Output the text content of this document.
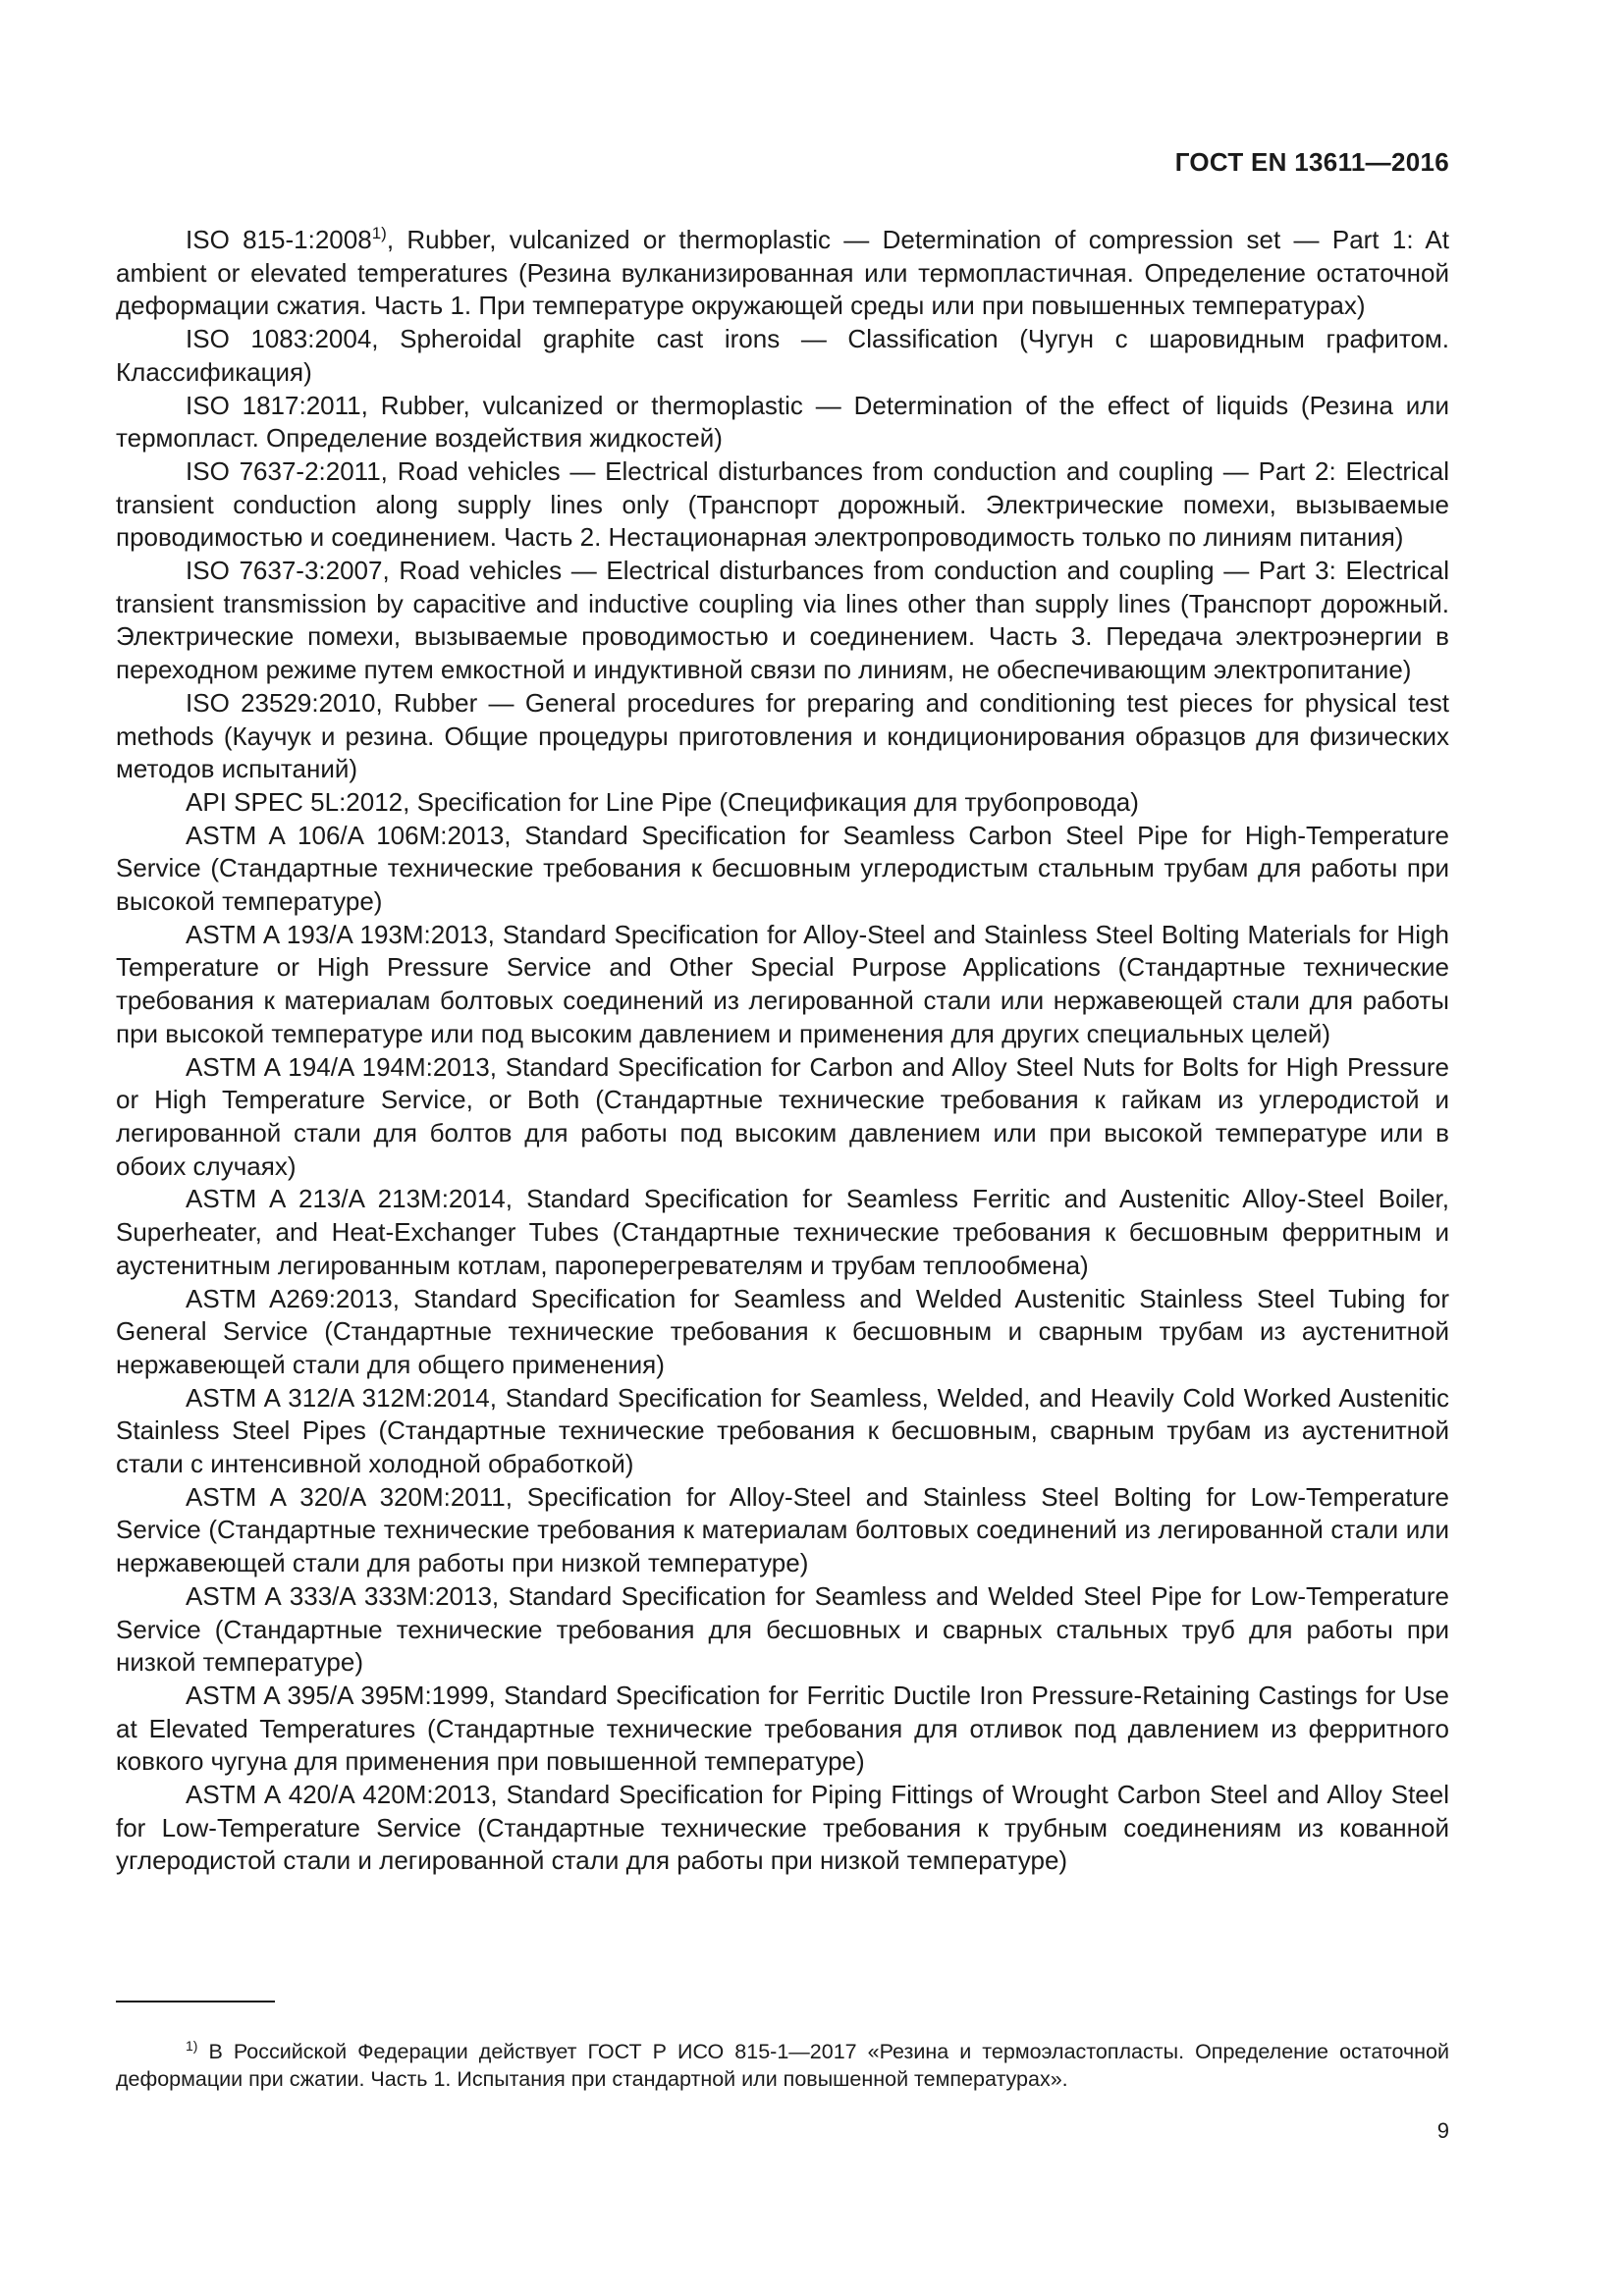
ГОСТ EN 13611—2016

ISO 815-1:2008$^{1)}$, Rubber, vulcanized or thermoplastic — Determination of compression set — Part 1: At ambient or elevated temperatures (Резина вулканизированная или термопластичная. Определение остаточной деформации сжатия. Часть 1. При температуре окружающей среды или при повышенных температурах)

ISO 1083:2004, Spheroidal graphite cast irons — Classification (Чугун с шаровидным графитом. Классификация)

ISO 1817:2011, Rubber, vulcanized or thermoplastic — Determination of the effect of liquids (Резина или термопласт. Определение воздействия жидкостей)

ISO 7637-2:2011, Road vehicles — Electrical disturbances from conduction and coupling — Part 2: Electrical transient conduction along supply lines only (Транспорт дорожный. Электрические помехи, вызываемые проводимостью и соединением. Часть 2. Нестационарная электропроводимость только по линиям питания)

ISO 7637-3:2007, Road vehicles — Electrical disturbances from conduction and coupling — Part 3: Electrical transient transmission by capacitive and inductive coupling via lines other than supply lines (Транспорт дорожный. Электрические помехи, вызываемые проводимостью и соединением. Часть 3. Передача электроэнергии в переходном режиме путем емкостной и индуктивной связи по линиям, не обеспечивающим электропитание)

ISO 23529:2010, Rubber — General procedures for preparing and conditioning test pieces for physical test methods (Каучук и резина. Общие процедуры приготовления и кондиционирования образцов для физических методов испытаний)

API SPEC 5L:2012, Specification for Line Pipe (Спецификация для трубопровода)

ASTM A 106/A 106M:2013, Standard Specification for Seamless Carbon Steel Pipe for High-Temperature Service (Стандартные технические требования к бесшовным углеродистым стальным трубам для работы при высокой температуре)

ASTM A 193/A 193M:2013, Standard Specification for Alloy-Steel and Stainless Steel Bolting Materials for High Temperature or High Pressure Service and Other Special Purpose Applications (Стандартные технические требования к материалам болтовых соединений из легированной стали или нержавеющей стали для работы при высокой температуре или под высоким давлением и применения для других специальных целей)

ASTM A 194/A 194M:2013, Standard Specification for Carbon and Alloy Steel Nuts for Bolts for High Pressure or High Temperature Service, or Both (Стандартные технические требования к гайкам из углеродистой и легированной стали для болтов для работы под высоким давлением или при высокой температуре или в обоих случаях)

ASTM A 213/A 213M:2014, Standard Specification for Seamless Ferritic and Austenitic Alloy-Steel Boiler, Superheater, and Heat-Exchanger Tubes (Стандартные технические требования к бесшовным ферритным и аустенитным легированным котлам, пароперегревателям и трубам теплообмена)

ASTM A269:2013, Standard Specification for Seamless and Welded Austenitic Stainless Steel Tubing for General Service (Стандартные технические требования к бесшовным и сварным трубам из аустенитной нержавеющей стали для общего применения)

ASTM A 312/A 312M:2014, Standard Specification for Seamless, Welded, and Heavily Cold Worked Austenitic Stainless Steel Pipes (Стандартные технические требования к бесшовным, сварным трубам из аустенитной стали с интенсивной холодной обработкой)

ASTM A 320/A 320M:2011, Specification for Alloy-Steel and Stainless Steel Bolting for Low-Temperature Service (Стандартные технические требования к материалам болтовых соединений из легированной стали или нержавеющей стали для работы при низкой температуре)

ASTM A 333/A 333M:2013, Standard Specification for Seamless and Welded Steel Pipe for Low-Temperature Service (Стандартные технические требования для бесшовных и сварных стальных труб для работы при низкой температуре)

ASTM A 395/A 395M:1999, Standard Specification for Ferritic Ductile Iron Pressure-Retaining Castings for Use at Elevated Temperatures (Стандартные технические требования для отливок под давлением из ферритного ковкого чугуна для применения при повышенной температуре)

ASTM A 420/A 420M:2013, Standard Specification for Piping Fittings of Wrought Carbon Steel and Alloy Steel for Low-Temperature Service (Стандартные технические требования к трубным соединениям из кованной углеродистой стали и легированной стали для работы при низкой температуре)

$^{1)}$ В Российской Федерации действует ГОСТ Р ИСО 815-1—2017 «Резина и термоэластопласты. Определение остаточной деформации при сжатии. Часть 1. Испытания при стандартной или повышенной температурах».

9
